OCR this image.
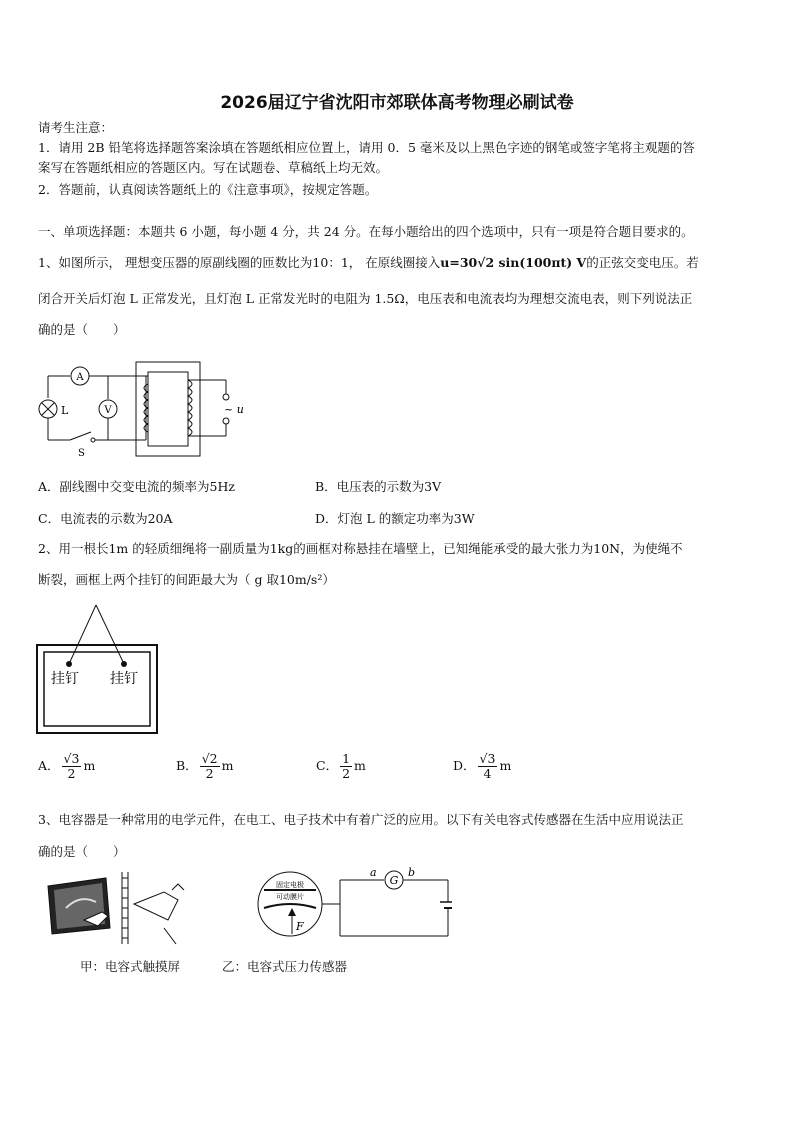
2026届辽宁省沈阳市郊联体高考物理必刷试卷
请考生注意：
1．请用 2B 铅笔将选择题答案涂填在答题纸相应位置上，请用 0．5 毫米及以上黑色字迹的钢笔或签字笔将主观题的答
案写在答题纸相应的答题区内。写在试题卷、草稿纸上均无效。
2．答题前，认真阅读答题纸上的《注意事项》，按规定答题。
一、单项选择题：本题共 6 小题，每小题 4 分，共 24 分。在每小题给出的四个选项中，只有一项是符合题目要求的。
1、如图所示， 理想变压器的原副线圈的匝数比为10：1， 在原线圈接入u=30√2 sin(100πt) V的正弦交变电压。若
闭合开关后灯泡 L 正常发光，且灯泡 L 正常发光时的电阻为 1.5Ω，电压表和电流表均为理想交流电表，则下列说法正
确的是（　　）
A
L
S
V	~ u
A．副线圈中交变电流的频率为5Hz	B．电压表的示数为3V
C．电流表的示数为20A	D．灯泡 L 的额定功率为3W
2、用一根长1m 的轻质细绳将一副质量为1kg的画框对称悬挂在墙壁上，已知绳能承受的最大张力为10N，为使绳不
断裂，画框上两个挂钉的间距最大为（ g 取10m/s²）
挂钉 挂钉
A． $\frac{√3}{2}$ m	B． $\frac{√2}{2}$ m	C． $\frac{1}{2}$ m	D． $\frac{√3}{4}$ m
3、电容器是一种常用的电学元件，在电工、电子技术中有着广泛的应用。以下有关电容式传感器在生活中应用说法正
确的是（　　）
固定电极
可动膜片
F
G
a	b
甲：电容式触摸屏	乙：电容式压力传感器
